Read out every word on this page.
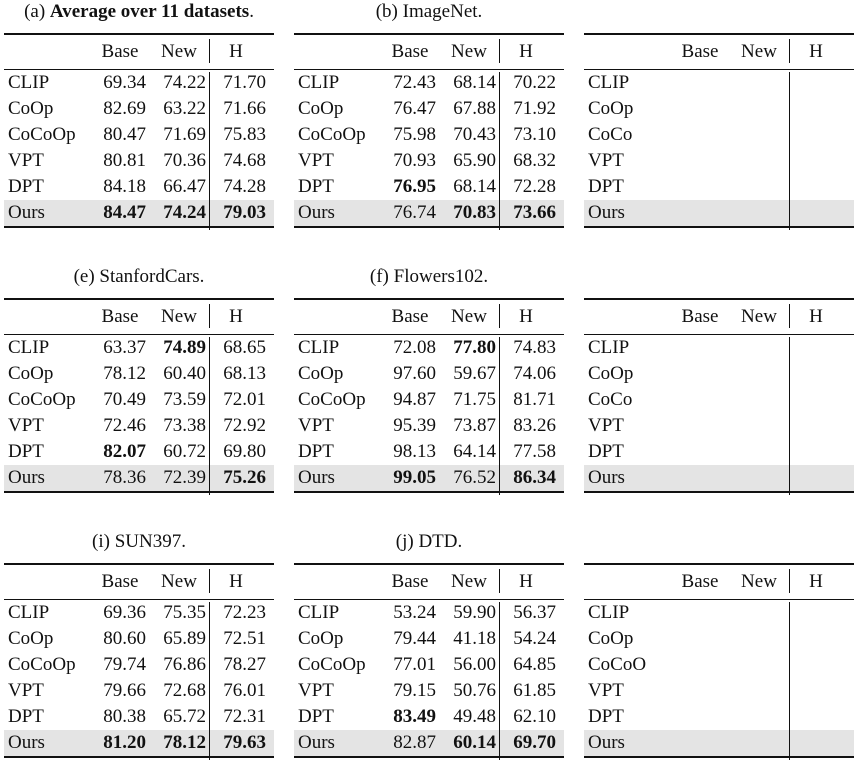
(a) Average over 11 datasets.
Base	New	H
CLIP	69.34 74.22 71.70
CoOp	82.69 63.22 71.66
CoCoOp	80.47 71.69 75.83
VPT	80.81 70.36 74.68
DPT	84.18 66.47 74.28
Ours	84.47 74.24 79.03
(b) ImageNet.
Base	New	H
CLIP	72.43 68.14 70.22
CoOp	76.47 67.88 71.92
CoCoOp	75.98 70.43 73.10
VPT	70.93 65.90 68.32
DPT	76.95 68.14 72.28
Ours	76.74 70.83 73.66
Base	New	H
CLIP
CoOp
CoCo
VPT
DPT
Ours
(e) StanfordCars.
Base	New	H
CLIP	63.37 74.89 68.65
CoOp	78.12 60.40 68.13
CoCoOp	70.49 73.59 72.01
VPT	72.46 73.38 72.92
DPT	82.07 60.72 69.80
Ours	78.36 72.39 75.26
(f) Flowers102.
Base	New	H
CLIP	72.08 77.80 74.83
CoOp	97.60 59.67 74.06
CoCoOp	94.87 71.75 81.71
VPT	95.39 73.87 83.26
DPT	98.13 64.14 77.58
Ours	99.05 76.52 86.34
Base	New	H
CLIP
CoOp
CoCo
VPT
DPT
Ours
(i) SUN397.
Base	New	H
CLIP	69.36 75.35 72.23
CoOp	80.60 65.89 72.51
CoCoOp	79.74 76.86 78.27
VPT	79.66 72.68 76.01
DPT	80.38 65.72 72.31
Ours	81.20 78.12 79.63
(j) DTD.
Base	New	H
CLIP	53.24 59.90 56.37
CoOp	79.44 41.18 54.24
CoCoOp	77.01 56.00 64.85
VPT	79.15 50.76 61.85
DPT	83.49 49.48 62.10
Ours	82.87 60.14 69.70
Base	New	H
CLIP
CoOp
CoCoO
VPT
DPT
Ours
